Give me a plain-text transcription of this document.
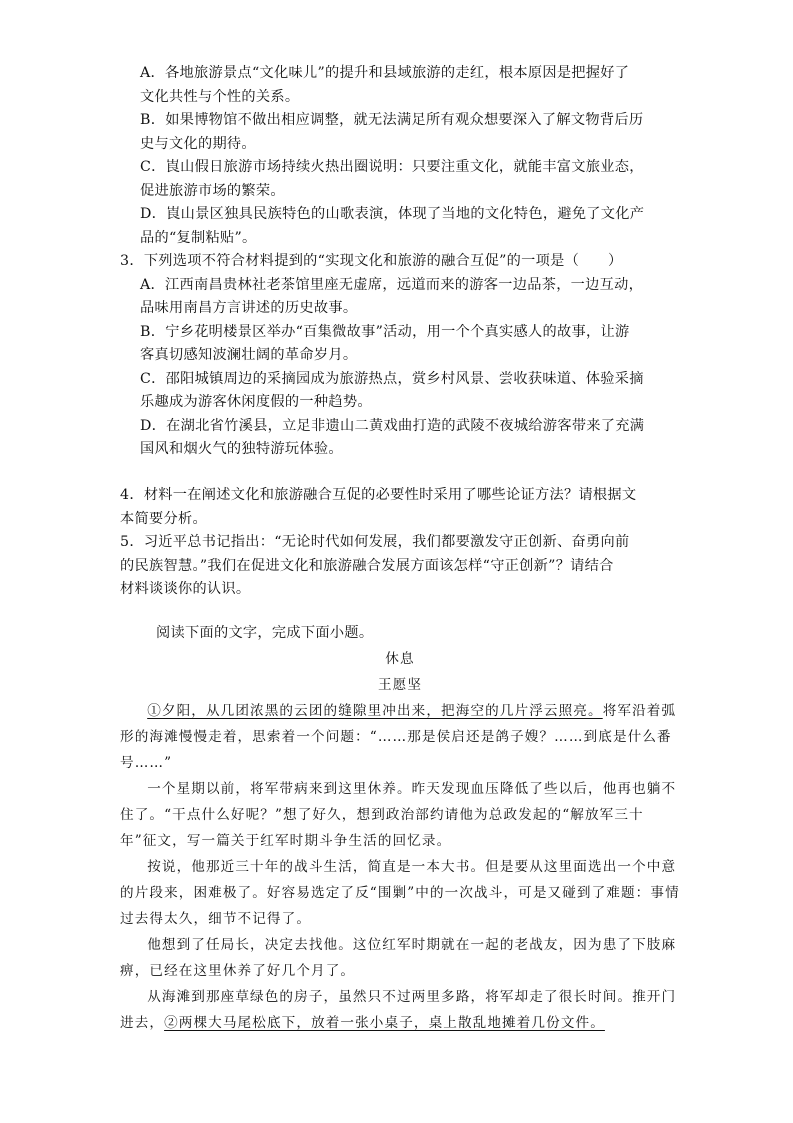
A．各地旅游景点“文化味儿”的提升和县域旅游的走红，根本原因是把握好了
文化共性与个性的关系。

B．如果博物馆不做出相应调整，就无法满足所有观众想要深入了解文物背后历
史与文化的期待。

C．崀山假日旅游市场持续火热出圈说明：只要注重文化，就能丰富文旅业态，
促进旅游市场的繁荣。

D．崀山景区独具民族特色的山歌表演，体现了当地的文化特色，避免了文化产
品的“复制粘贴”。

3．下列选项不符合材料提到的“实现文化和旅游的融合互促”的一项是（　　）

A．江西南昌贵林社老茶馆里座无虚席，远道而来的游客一边品茶，一边互动，
品味用南昌方言讲述的历史故事。

B．宁乡花明楼景区举办“百集微故事”活动，用一个个真实感人的故事，让游
客真切感知波澜壮阔的革命岁月。

C．邵阳城镇周边的采摘园成为旅游热点，赏乡村风景、尝收获味道、体验采摘
乐趣成为游客休闲度假的一种趋势。

D．在湖北省竹溪县，立足非遗山二黄戏曲打造的武陵不夜城给游客带来了充满
国风和烟火气的独特游玩体验。

4．材料一在阐述文化和旅游融合互促的必要性时采用了哪些论证方法？请根据文
本简要分析。

5．习近平总书记指出：“无论时代如何发展，我们都要激发守正创新、奋勇向前
的民族智慧。”我们在促进文化和旅游融合发展方面该怎样“守正创新”？请结合
材料谈谈你的认识。

阅读下面的文字，完成下面小题。

休息

王愿坚

①夕阳，从几团浓黑的云团的缝隙里冲出来，把海空的几片浮云照亮。将军沿着弧形的海滩慢慢走着，思索着一个问题：“……那是侯启还是鸽子嫂？……到底是什么番号……”

一个星期以前，将军带病来到这里休养。昨天发现血压降低了些以后，他再也躺不住了。“干点什么好呢？”想了好久，想到政治部约请他为总政发起的“解放军三十年”征文，写一篇关于红军时期斗争生活的回忆录。

按说，他那近三十年的战斗生活，简直是一本大书。但是要从这里面选出一个中意的片段来，困难极了。好容易选定了反“围剿”中的一次战斗，可是又碰到了难题：事情过去得太久，细节不记得了。

他想到了任局长，决定去找他。这位红军时期就在一起的老战友，因为患了下肢麻痹，已经在这里休养了好几个月了。

从海滩到那座草绿色的房子，虽然只不过两里多路，将军却走了很长时间。推开门进去，②两棵大马尾松底下，放着一张小桌子，桌上散乱地摊着几份文件。
